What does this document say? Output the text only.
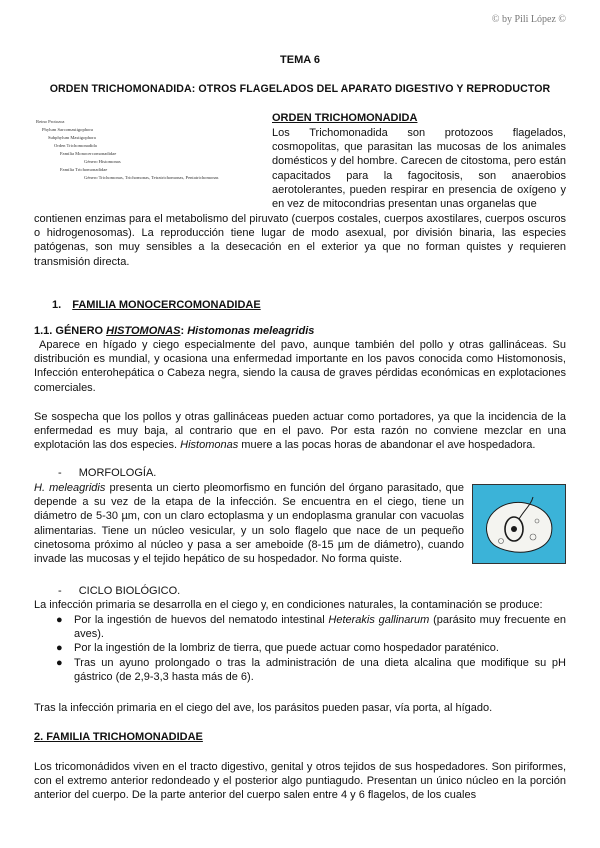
© by Pili López ©
TEMA 6
ORDEN TRICHOMONADIDA: OTROS FLAGELADOS DEL APARATO DIGESTIVO Y REPRODUCTOR
Reino Protozoa
Phylum Sarcomastigophora
Subphylum Mastigophora
Orden Trichomonadida
Familia Monocercomonadidae
Género Histomonas
Familia Trichomonadidae
Género Trichomonas, Trichomonas, Tetratrichomonas, Pentatrichomonas
ORDEN TRICHOMONADIDA

Los Trichomonadida son protozoos flagelados, cosmopolitas, que parasitan las mucosas de los animales domésticos y del hombre. Carecen de citostoma, pero están capacitados para la fagocitosis, son anaerobios aerotolerantes, pueden respirar en presencia de oxígeno y en vez de mitocondrias presentan unas organelas que

contienen enzimas para el metabolismo del piruvato (cuerpos costales, cuerpos axostilares, cuerpos oscuros o hidrogenosomas). La reproducción tiene lugar de modo asexual, por división binaria, las especies patógenas, son muy sensibles a la desecación en el exterior ya que no forman quistes y requieren transmisión directa.

1. FAMILIA MONOCERCOMONADIDAE
1.1. GÉNERO HISTOMONAS: Histomonas meleagridis

Aparece en hígado y ciego especialmente del pavo, aunque también del pollo y otras gallináceas. Su distribución es mundial, y ocasiona una enfermedad importante en los pavos conocida como Histomonosis, Infección enterohepática o Cabeza negra, siendo la causa de graves pérdidas económicas en explotaciones comerciales.

Se sospecha que los pollos y otras gallináceas pueden actuar como portadores, ya que la incidencia de la enfermedad es muy baja, al contrario que en el pavo. Por esta razón no conviene mezclar en una explotación las dos especies. Histomonas muere a las pocas horas de abandonar el ave hospedadora.

- MORFOLOGÍA.

H. meleagridis presenta un cierto pleomorfismo en función del órgano parasitado, que depende a su vez de la etapa de la infección. Se encuentra en el ciego, tiene un diámetro de 5-30 µm, con un claro ectoplasma y un endoplasma granular con vacuolas alimentarias. Tiene un núcleo vesicular, y un solo flagelo que nace de un pequeño cinetosoma próximo al núcleo y pasa a ser ameboide (8-15 µm de diámetro), cuando invade las mucosas y el tejido hepático de su hospedador. No forma quiste.

- CICLO BIOLÓGICO.

La infección primaria se desarrolla en el ciego y, en condiciones naturales, la contaminación se produce:

● Por la ingestión de huevos del nematodo intestinal Heterakis gallinarum (parásito muy frecuente en aves).
● Por la ingestión de la lombriz de tierra, que puede actuar como hospedador paraténico.
● Tras un ayuno prolongado o tras la administración de una dieta alcalina que modifique su pH gástrico (de 2,9-3,3 hasta más de 6).

Tras la infección primaria en el ciego del ave, los parásitos pueden pasar, vía porta, al hígado.

2. FAMILIA TRICHOMONADIDAE

Los tricomonádidos viven en el tracto digestivo, genital y otros tejidos de sus hospedadores. Son piriformes, con el extremo anterior redondeado y el posterior algo puntiagudo. Presentan un único núcleo en la porción anterior del cuerpo. De la parte anterior del cuerpo salen entre 4 y 6 flagelos, de los cuales
